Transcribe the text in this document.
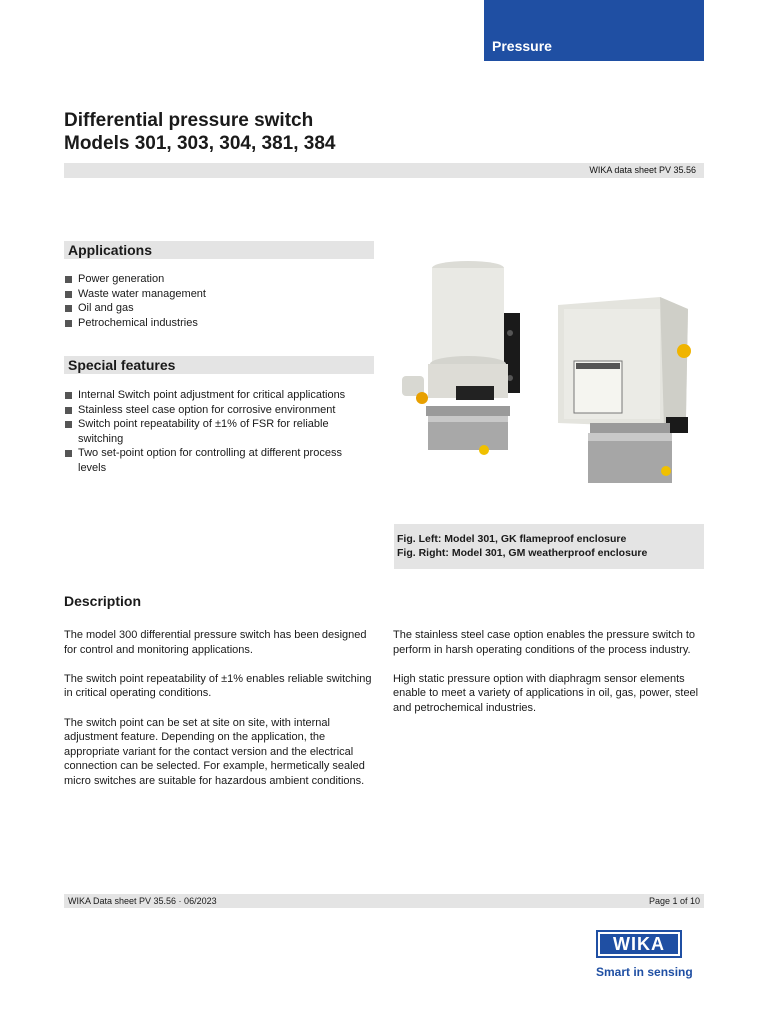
Pressure
Differential pressure switch
Models 301, 303, 304, 381, 384
WIKA data sheet PV 35.56
Applications
Power generation
Waste water management
Oil and gas
Petrochemical industries
Special features
Internal Switch point adjustment for critical applications
Stainless steel case option for corrosive environment
Switch point repeatability of ±1% of FSR for reliable switching
Two set-point option for controlling at different process levels
Fig. Left: Model 301, GK flameproof enclosure
Fig. Right: Model 301, GM weatherproof enclosure
Description

The model 300 differential pressure switch has been designed for control and monitoring applications.

The switch point repeatability of ±1% enables reliable switching in critical operating conditions.

The switch point can be set at site on site, with internal adjustment feature. Depending on the application, the appropriate variant for the contact version and the electrical connection can be selected. For example, hermetically sealed micro switches are suitable for hazardous ambient conditions.

The stainless steel case option enables the pressure switch to perform in harsh operating conditions of the process industry.

High static pressure option with diaphragm sensor elements enable to meet a variety of applications in oil, gas, power, steel and petrochemical industries.

WIKA Data sheet PV 35.56 · 06/2023	Page 1 of 10
WIKA
Smart in sensing
